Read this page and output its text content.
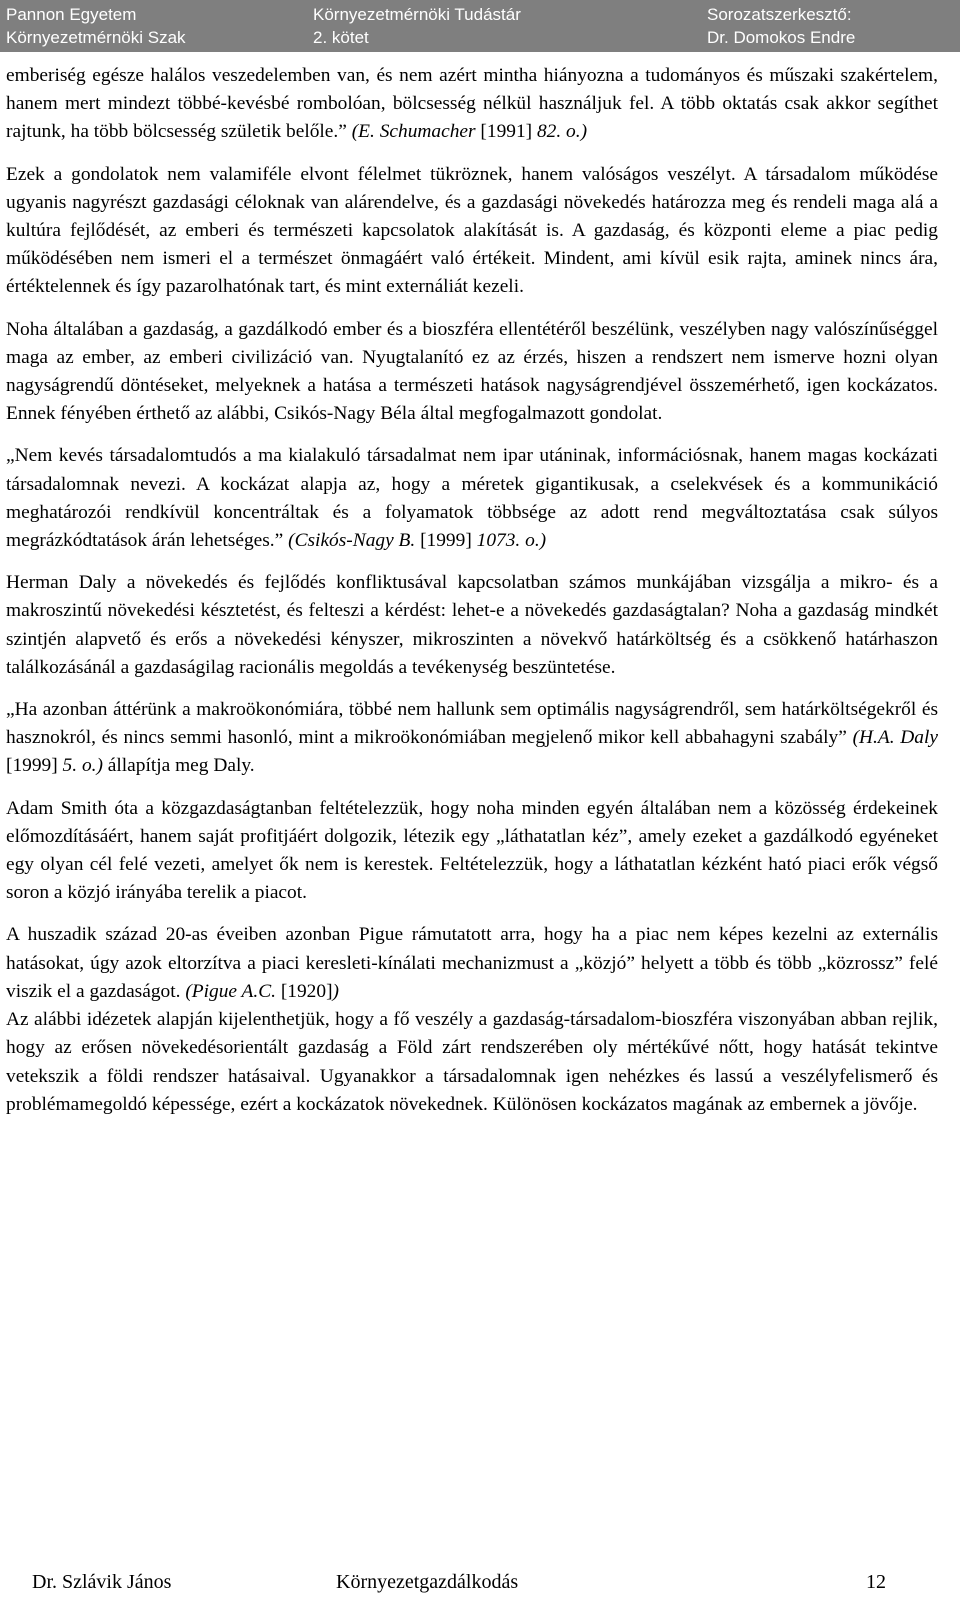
Pannon Egyetem
Környezetmérnöki Szak
Környezetmérnöki Tudástár
2. kötet
Sorozatszerkesztő:
Dr. Domokos Endre

emberiség egésze halálos veszedelemben van, és nem azért mintha hiányozna a tudományos és műszaki szakértelem, hanem mert mindezt többé-kevésbé rombolóan, bölcsesség nélkül használjuk fel. A több oktatás csak akkor segíthet rajtunk, ha több bölcsesség születik belőle.” (E. Schumacher [1991] 82. o.)

Ezek a gondolatok nem valamiféle elvont félelmet tükröznek, hanem valóságos veszélyt. A társadalom működése ugyanis nagyrészt gazdasági céloknak van alárendelve, és a gazdasági növekedés határozza meg és rendeli maga alá a kultúra fejlődését, az emberi és természeti kapcsolatok alakítását is. A gazdaság, és központi eleme a piac pedig működésében nem ismeri el a természet önmagáért való értékeit. Mindent, ami kívül esik rajta, aminek nincs ára, értéktelennek és így pazarolhatónak tart, és mint externáliát kezeli.

Noha általában a gazdaság, a gazdálkodó ember és a bioszféra ellentétéről beszélünk, veszélyben nagy valószínűséggel maga az ember, az emberi civilizáció van. Nyugtalanító ez az érzés, hiszen a rendszert nem ismerve hozni olyan nagyságrendű döntéseket, melyeknek a hatása a természeti hatások nagyságrendjével összemérhető, igen kockázatos. Ennek fényében érthető az alábbi, Csikós-Nagy Béla által megfogalmazott gondolat.

„Nem kevés társadalomtudós a ma kialakuló társadalmat nem ipar utáninak, információsnak, hanem magas kockázati társadalomnak nevezi. A kockázat alapja az, hogy a méretek gigantikusak, a cselekvések és a kommunikáció meghatározói rendkívül koncentráltak és a folyamatok többsége az adott rend megváltoztatása csak súlyos megrázkódtatások árán lehetséges.” (Csikós-Nagy B. [1999] 1073. o.)

Herman Daly a növekedés és fejlődés konfliktusával kapcsolatban számos munkájában vizsgálja a mikro- és a makroszintű növekedési késztetést, és felteszi a kérdést: lehet-e a növekedés gazdaságtalan? Noha a gazdaság mindkét szintjén alapvető és erős a növekedési kényszer, mikroszinten a növekvő határköltség és a csökkenő határhaszon találkozásánál a gazdaságilag racionális megoldás a tevékenység beszüntetése.

„Ha azonban áttérünk a makroökonómiára, többé nem hallunk sem optimális nagyságrendről, sem határköltségekről és hasznokról, és nincs semmi hasonló, mint a mikroökonómiában megjelenő mikor kell abbahagyni szabály” (H.A. Daly [1999] 5. o.) állapítja meg Daly.

Adam Smith óta a közgazdaságtanban feltételezzük, hogy noha minden egyén általában nem a közösség érdekeinek előmozdításáért, hanem saját profitjáért dolgozik, létezik egy „láthatatlan kéz”, amely ezeket a gazdálkodó egyéneket egy olyan cél felé vezeti, amelyet ők nem is kerestek. Feltételezzük, hogy a láthatatlan kézként ható piaci erők végső soron a közjó irányába terelik a piacot.

A huszadik század 20-as éveiben azonban Pigue rámutatott arra, hogy ha a piac nem képes kezelni az externális hatásokat, úgy azok eltorzítva a piaci keresleti-kínálati mechanizmust a „közjó” helyett a több és több „közrossz” felé viszik el a gazdaságot. (Pigue A.C. [1920])

Az alábbi idézetek alapján kijelenthetjük, hogy a fő veszély a gazdaság-társadalom-bioszféra viszonyában abban rejlik, hogy az erősen növekedésorientált gazdaság a Föld zárt rendszerében oly mértékűvé nőtt, hogy hatását tekintve vetekszik a földi rendszer hatásaival. Ugyanakkor a társadalomnak igen nehézkes és lassú a veszélyfelismerő és problémamegoldó képessége, ezért a kockázatok növekednek. Különösen kockázatos magának az embernek a jövője.

Dr. Szlávik János	Környezetgazdálkodás	12
